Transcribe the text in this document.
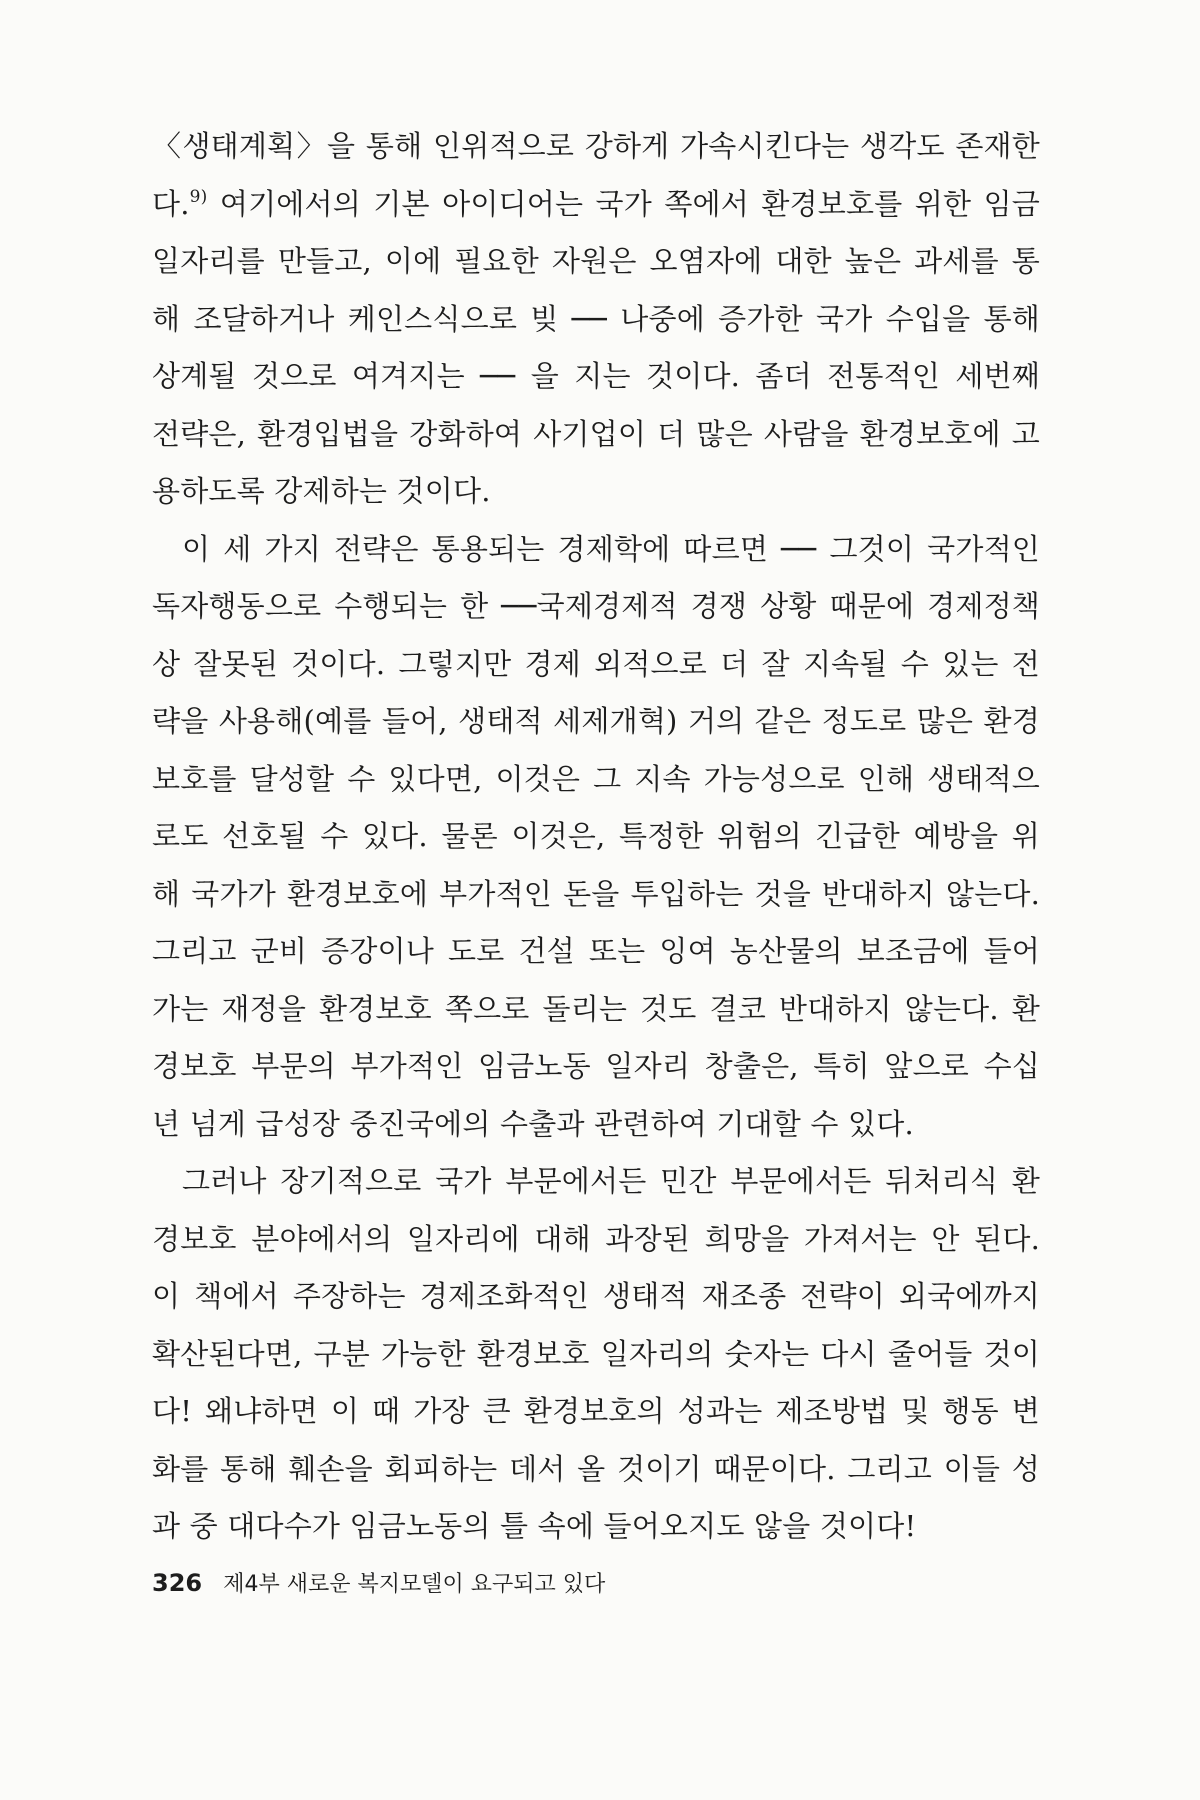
〈생태계획〉을 통해 인위적으로 강하게 가속시킨다는 생각도 존재한
다.$^{9)}$ 여기에서의 기본 아이디어는 국가 쪽에서 환경보호를 위한 임금
일자리를 만들고, 이에 필요한 자원은 오염자에 대한 높은 과세를 통
해 조달하거나 케인스식으로 빚 ── 나중에 증가한 국가 수입을 통해
상계될 것으로 여겨지는 ── 을 지는 것이다. 좀더 전통적인 세번째
전략은, 환경입법을 강화하여 사기업이 더 많은 사람을 환경보호에 고
용하도록 강제하는 것이다.
이 세 가지 전략은 통용되는 경제학에 따르면 ── 그것이 국가적인
독자행동으로 수행되는 한 ──국제경제적 경쟁 상황 때문에 경제정책
상 잘못된 것이다. 그렇지만 경제 외적으로 더 잘 지속될 수 있는 전
략을 사용해(예를 들어, 생태적 세제개혁) 거의 같은 정도로 많은 환경
보호를 달성할 수 있다면, 이것은 그 지속 가능성으로 인해 생태적으
로도 선호될 수 있다. 물론 이것은, 특정한 위험의 긴급한 예방을 위
해 국가가 환경보호에 부가적인 돈을 투입하는 것을 반대하지 않는다.
그리고 군비 증강이나 도로 건설 또는 잉여 농산물의 보조금에 들어
가는 재정을 환경보호 쪽으로 돌리는 것도 결코 반대하지 않는다. 환
경보호 부문의 부가적인 임금노동 일자리 창출은, 특히 앞으로 수십
년 넘게 급성장 중진국에의 수출과 관련하여 기대할 수 있다.
그러나 장기적으로 국가 부문에서든 민간 부문에서든 뒤처리식 환
경보호 분야에서의 일자리에 대해 과장된 희망을 가져서는 안 된다.
이 책에서 주장하는 경제조화적인 생태적 재조종 전략이 외국에까지
확산된다면, 구분 가능한 환경보호 일자리의 숫자는 다시 줄어들 것이
다! 왜냐하면 이 때 가장 큰 환경보호의 성과는 제조방법 및 행동 변
화를 통해 훼손을 회피하는 데서 올 것이기 때문이다. 그리고 이들 성
과 중 대다수가 임금노동의 틀 속에 들어오지도 않을 것이다!
326 제4부 새로운 복지모델이 요구되고 있다
